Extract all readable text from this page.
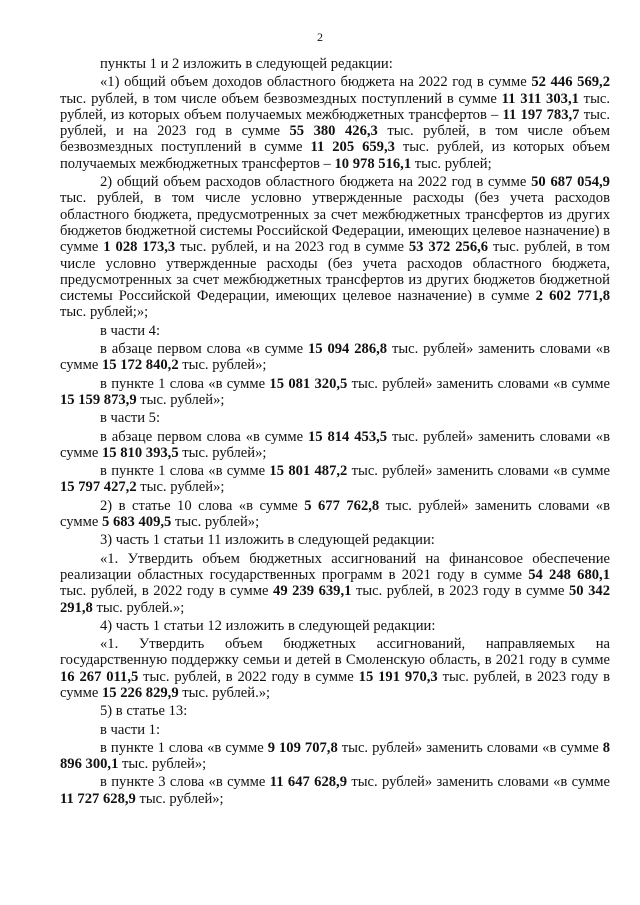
2

пункты 1 и 2 изложить в следующей редакции:

«1) общий объем доходов областного бюджета на 2022 год в сумме 52 446 569,2 тыс. рублей, в том числе объем безвозмездных поступлений в сумме 11 311 303,1 тыс. рублей, из которых объем получаемых межбюджетных трансфертов – 11 197 783,7 тыс. рублей, и на 2023 год в сумме 55 380 426,3 тыс. рублей, в том числе объем безвозмездных поступлений в сумме 11 205 659,3 тыс. рублей, из которых объем получаемых межбюджетных трансфертов – 10 978 516,1 тыс. рублей;

2) общий объем расходов областного бюджета на 2022 год в сумме 50 687 054,9 тыс. рублей, в том числе условно утвержденные расходы (без учета расходов областного бюджета, предусмотренных за счет межбюджетных трансфертов из других бюджетов бюджетной системы Российской Федерации, имеющих целевое назначение) в сумме 1 028 173,3 тыс. рублей, и на 2023 год в сумме 53 372 256,6 тыс. рублей, в том числе условно утвержденные расходы (без учета расходов областного бюджета, предусмотренных за счет межбюджетных трансфертов из других бюджетов бюджетной системы Российской Федерации, имеющих целевое назначение) в сумме 2 602 771,8 тыс. рублей;»;

в части 4:

в абзаце первом слова «в сумме 15 094 286,8 тыс. рублей» заменить словами «в сумме 15 172 840,2 тыс. рублей»;

в пункте 1 слова «в сумме 15 081 320,5 тыс. рублей» заменить словами «в сумме 15 159 873,9 тыс. рублей»;

в части 5:

в абзаце первом слова «в сумме 15 814 453,5 тыс. рублей» заменить словами «в сумме 15 810 393,5 тыс. рублей»;

в пункте 1 слова «в сумме 15 801 487,2 тыс. рублей» заменить словами «в сумме 15 797 427,2 тыс. рублей»;

2) в статье 10 слова «в сумме 5 677 762,8 тыс. рублей» заменить словами «в сумме 5 683 409,5 тыс. рублей»;

3) часть 1 статьи 11 изложить в следующей редакции:

«1. Утвердить объем бюджетных ассигнований на финансовое обеспечение реализации областных государственных программ в 2021 году в сумме 54 248 680,1 тыс. рублей, в 2022 году в сумме 49 239 639,1 тыс. рублей, в 2023 году в сумме 50 342 291,8 тыс. рублей.»;

4) часть 1 статьи 12 изложить в следующей редакции:

«1. Утвердить объем бюджетных ассигнований, направляемых на государственную поддержку семьи и детей в Смоленскую область, в 2021 году в сумме 16 267 011,5 тыс. рублей, в 2022 году в сумме 15 191 970,3 тыс. рублей, в 2023 году в сумме 15 226 829,9 тыс. рублей.»;

5) в статье 13:

в части 1:

в пункте 1 слова «в сумме 9 109 707,8 тыс. рублей» заменить словами «в сумме 8 896 300,1 тыс. рублей»;

в пункте 3 слова «в сумме 11 647 628,9 тыс. рублей» заменить словами «в сумме 11 727 628,9 тыс. рублей»;
